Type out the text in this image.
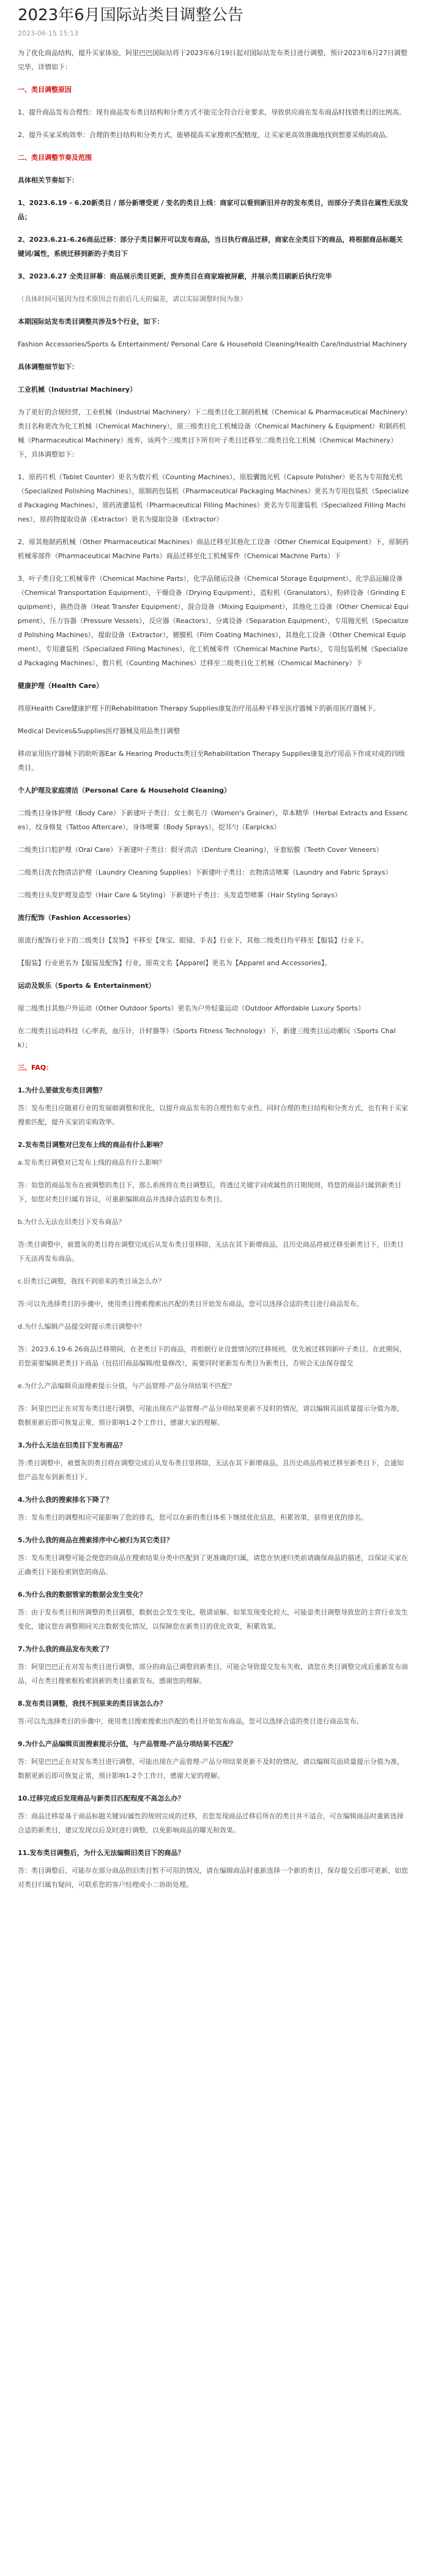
2023年6月国际站类目调整公告
2023-06-15 15:13
为了优化商品结构，提升买家体验，阿里巴巴国际站将于2023年6月19日起对国际站发布类目进行调整，预计2023年6月27日调整完毕，详情如下：
一、类目调整原因
1、提升商品发布合理性：现有商品发布类目结构和分类方式不能完全符合行业要求，导致供应商在发布商品时找错类目的比例高。
2、提升买家采购效率：合理的类目结构和分类方式，能够提高买家搜索匹配精度，让买家更高效准确地找到想要采购的商品。
二、类目调整节奏及范围
具体相关节奏如下：
1、2023.6.19 - 6.20新类目 / 部分新增受更 / 变名的类目上线：商家可以看到新旧并存的发布类目，而部分子类目在属性无法发品；
2、2023.6.21-6.26商品迁移：部分子类目解开可以发布商品，当日执行商品迁移，商家在全类目下的商品，将根据商品标题关键词/属性，系统迁移到新的子类目下
3、2023.6.27 全类目屏幕：商品展示类目更新，废弃类目在商家端被屏蔽，并展示类目刷新后执行完毕
（具体时间可能因为技术原因会有前后几天的偏差，请以实际调整时间为准）
本期国际站发布类目调整共涉及5个行业，如下：
Fashion Accessories/Sports & Entertainment/ Personal Care & Household Cleaning/Health Care/Industrial Machinery
具体调整细节如下：
工业机械（Industrial Machinery）
为了更好的合规经营，工业机械（Industrial Machinery）下二级类目化工制药机械（Chemical & Pharmaceutical Machinery）类目名称更改为化工机械（Chemical Machinery），原三级类目化工机械设备（Chemical Machinery & Equipment）和制药机械（Pharmaceutical Machinery）废弃，该两个三级类目下所有叶子类目迁移至二级类目化工机械（Chemical Machinery）下，具体调整如下：
1、原药片机（Tablet Counter）更名为数片机（Counting Machines），原胶囊抛光机（Capsule Polisher）更名为专用抛光机（Specialized Polishing Machines），原制药包装机（Pharmaceutical Packaging Machines）更名为专用包装机（Specialized Packaging Machines），原药液灌装机（Pharmaceutical Filling Machines）更名为专用灌装机（Specialized Filling Machines），原药物提取设备（Extractor）更名为提取设备（Extractor）
2、原其他制药机械（Other Pharmaceutical Machines）商品迁移至其他化工设备（Other Chemical Equipment）下，原制药机械零部件（Pharmaceutical Machine Parts）商品迁移至化工机械零件（Chemical Machine Parts）下
3、叶子类目化工机械零件（Chemical Machine Parts），化学品储运设备（Chemical Storage Equipment），化学品运输设备（Chemical Transportation Equipment），干燥设备（Drying Equipment），造粒机（Granulators），粉碎设备（Grinding Equipment），换热设备（Heat Transfer Equipment），混合设备（Mixing Equipment），其他化工设备（Other Chemical Equipment），压力容器（Pressure Vessels），反应器（Reactors），分离设备（Separation Equipment），专用抛光机（Specialized Polishing Machines），提取设备（Extractor），镀膜机（Film Coating Machines），其他化工设备（Other Chemical Equipment），专用灌装机（Specialized Filling Machines），化工机械零件（Chemical Machine Parts），专用包装机械（Specialized Packaging Machines），数片机（Counting Machines）迁移至二级类目化工机械（Chemical Machinery）下
健康护理（Health Care）
将原Health Care健康护理下的Rehabilitation Therapy Supplies康复治疗用品种平移至医疗器械下的新用医疗器械下。
Medical Devices&Supplies医疗器械及用品类目调整
移动家用医疗器械下的助听器Ear & Hearing Products类目至Rehabilitation Therapy Supplies康复治疗用品下作成对成的四级类目。
个人护理及家庭清洁（Personal Care & Household Cleaning）
二级类目身体护理（Body Care）下新建叶子类目：女士剃毛刀（Women's Grainer），草本精华（Herbal Extracts and Essences），纹身修复（Tattoo Aftercare），身体喷雾（Body Sprays），挖耳勺（Earpicks）
二级类目口腔护理（Oral Care）下新建叶子类目：假牙清洁（Denture Cleaning），牙套贴膜（Teeth Cover Veneers）
二级类目洗衣物清洁护理（Laundry Cleaning Supplies）下新建叶子类目：衣物清洁喷雾（Laundry and Fabric Sprays）
二级类目头发护理及造型（Hair Care & Styling）下新建叶子类目：头发造型喷雾（Hair Styling Sprays）
流行配饰（Fashion Accessories）
原流行配饰行业下的二级类目【发饰】平移至【珠宝、眼镜、手表】行业下，其他二级类目均平移至【服装】行业下。
【服装】行业更名为【服装及配饰】行业，原英文名【Apparel】更名为【Apparel and Accessories】。
运动及娱乐（Sports & Entertainment）
原二级类目其他户外运动（Other Outdoor Sports）更名为户外轻量运动（Outdoor Affordable Luxury Sports）
在二级类目运动科技（心率表，血压计，计时器等）（Sports Fitness Technology）下，新建三级类目运动潮玩（Sports Chalk）；
三、FAQ：
1.为什么要做发布类目调整？
答：发布类目应随着行业的发展做调整和优化，以提升商品发布的合理性和专业性。同时合理的类目结构和分类方式，也有利于买家搜索匹配，提升买家的采购效率。
2.发布类目调整对已发布上线的商品有什么影响？
a.发布类目调整对已发布上线的商品有什么影响？
答：如您的商品发布在被调整的类目下，那么系统将在类目调整后，将透过关键字词或属性的日期规则，将您的商品归属到新类目下，如您对类目归属有异议，可重新编辑商品并选择合适的发布类目。
b.为什么无法在旧类目下发布商品？
答:类目调整中，被置灰的类目将在调整完成后从发布类目里移除，无法在其下新增商品，且历史商品将被迁移至新类目下，旧类目下无法再发布商品。
c.旧类目已调整，我找不到原来的类目该怎么办？
答:可以先选择类目的步骤中，使用类目搜索搜索出匹配的类目开始发布商品，您可以选择合适的类目进行商品发布。
d.为什么编辑产品提交时提示类目调整中？
答：2023.6.19-6.26商品迁移期间，在老类目下的商品，将根据行业设置情况的迁移规则，优先被迁移到新叶子类目。在此期间，若您需要编辑老类目下商品（包括旧商品编辑/批量修改），需要同时更新发布类目为新类目，否则会无法保存提交
e.为什么产品编辑页面搜索提示分值，与产品管理-产品分项结果不匹配？
答：阿里巴巴正在对发布类目进行调整，可能出现在产品管理-产品分项结果更新不及时的情况，请以编辑页面质量提示分值为准，数据更新后即可恢复正常，预计影响1-2个工作日，感谢大家的理解。
3.为什么无法在旧类目下发布商品？
答:类目调整中，被置灰的类目将在调整完成后从发布类目里移除，无法在其下新增商品，且历史商品将被迁移至新类目下，会通知您产品发布到新类目下。
4.为什么我的搜索排名下降了？
答：发布类目的调整相应可能影响了您的排名，您可以在新的类目体系下继续优化信息，积累效果，获得更优的排名。
5.为什么我的商品在搜索排序中心被归为其它类目？
答：发布类目调整可能会使您的商品在搜索结果分类中匹配到了更准确的归属，请您在快速归类前请确保商品的描述，以保证买家在正确类目下能检索到您的商品。
6.为什么我的数据管家的数据会发生变化？
答：由于发布类目和所调整的类目调整，数据也会发生变化，敬请谅解。如果发现变化较大，可能是类目调整导致您的主营行业发生变化，建议您在调整期间关注数据变化情况，以保障您在新类目的优化效果，积累效果。
7.为什么我的商品发布失败了？
答：阿里巴巴正在对发布类目进行调整，部分的商品已调整到新类目，可能会导致提交发布失败，请您在类目调整完成后重新发布商品，可在类目搜索框检索到新的类目重新发布，感谢您的理解。
8.发布类目调整，我找不到原来的类目该怎么办？
答:可以先选择类目的步骤中，使用类目搜索搜索出匹配的类目开始发布商品，您可以选择合适的类目进行商品发布。
9.为什么产品编辑页面搜索提示分值，与产品管理-产品分项结果不匹配？
答：阿里巴巴正在对发布类目进行调整，可能出现在产品管理-产品分项结果更新不及时的情况，请以编辑页面质量提示分值为准，数据更新后即可恢复正常，预计影响1-2个工作日，感谢大家的理解。
10.迁移完成后发现商品与新类目匹配程度不高怎么办？
答：商品迁移是基于商品标题关键词/属性的规则完成的迁移，若您发现商品迁移后所在的类目并不适合，可在编辑商品时重新选择合适的新类目，建议发现以后及时进行调整，以免影响商品的曝光和效果。
11.发布类目调整后，为什么无法编辑旧类目下的商品？
答：类目调整后，可能存在部分商品的旧类目暂不可用的情况，请在编辑商品时重新选择一个新的类目，保存提交后即可更新，如您对类目归属有疑问，可联系您的客户经理或小二协助处理。
